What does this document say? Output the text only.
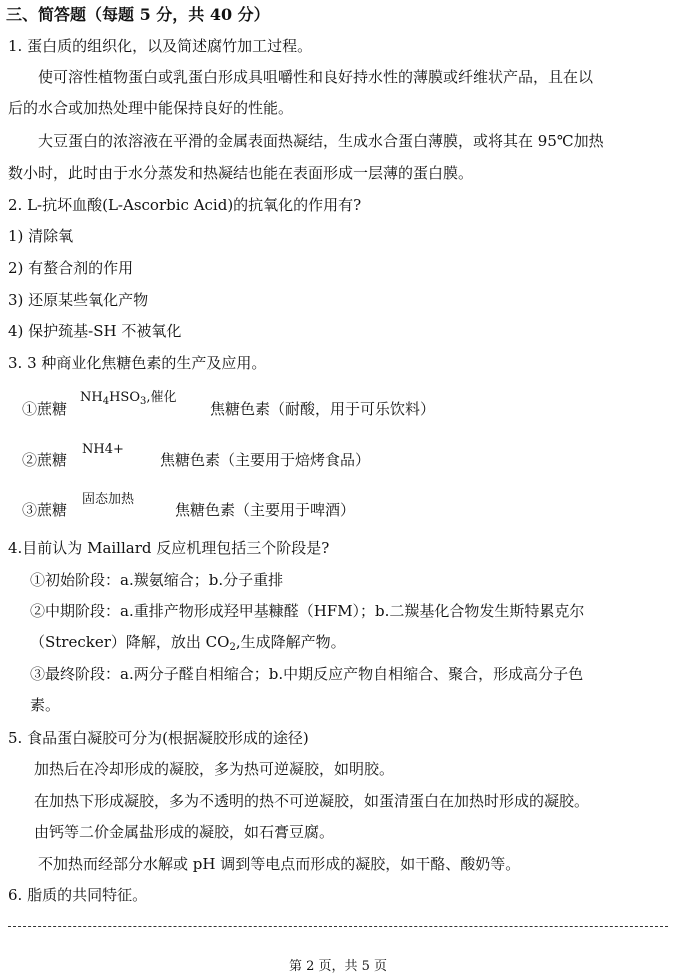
三、简答题（每题 5 分，共 40 分）
1. 蛋白质的组织化，以及简述腐竹加工过程。
使可溶性植物蛋白或乳蛋白形成具咀嚼性和良好持水性的薄膜或纤维状产品，且在以
后的水合或加热处理中能保持良好的性能。
大豆蛋白的浓溶液在平滑的金属表面热凝结，生成水合蛋白薄膜，或将其在 95℃加热
数小时，此时由于水分蒸发和热凝结也能在表面形成一层薄的蛋白膜。
2. L-抗坏血酸(L-Ascorbic Acid)的抗氧化的作用有?
1) 清除氧
2) 有螯合剂的作用
3) 还原某些氧化产物
4) 保护巯基-SH 不被氧化
3. 3 种商业化焦糖色素的生产及应用。
①蔗糖
$NH_4HSO_3$,催化
焦糖色素（耐酸，用于可乐饮料）
②蔗糖
NH4+
焦糖色素（主要用于焙烤食品）
③蔗糖
固态加热
焦糖色素（主要用于啤酒）
4.目前认为 Maillard 反应机理包括三个阶段是?
①初始阶段：a.羰氨缩合；b.分子重排
②中期阶段：a.重排产物形成羟甲基糠醛（HFM）；b.二羰基化合物发生斯特累克尔
（Strecker）降解，放出 $CO_2$,生成降解产物。
③最终阶段：a.两分子醛自相缩合；b.中期反应产物自相缩合、聚合，形成高分子色
素。
5. 食品蛋白凝胶可分为(根据凝胶形成的途径)
加热后在冷却形成的凝胶，多为热可逆凝胶，如明胶。
在加热下形成凝胶，多为不透明的热不可逆凝胶，如蛋清蛋白在加热时形成的凝胶。
由钙等二价金属盐形成的凝胶，如石膏豆腐。
不加热而经部分水解或 pH 调到等电点而形成的凝胶，如干酪、酸奶等。
6. 脂质的共同特征。
第 2 页，共 5 页
